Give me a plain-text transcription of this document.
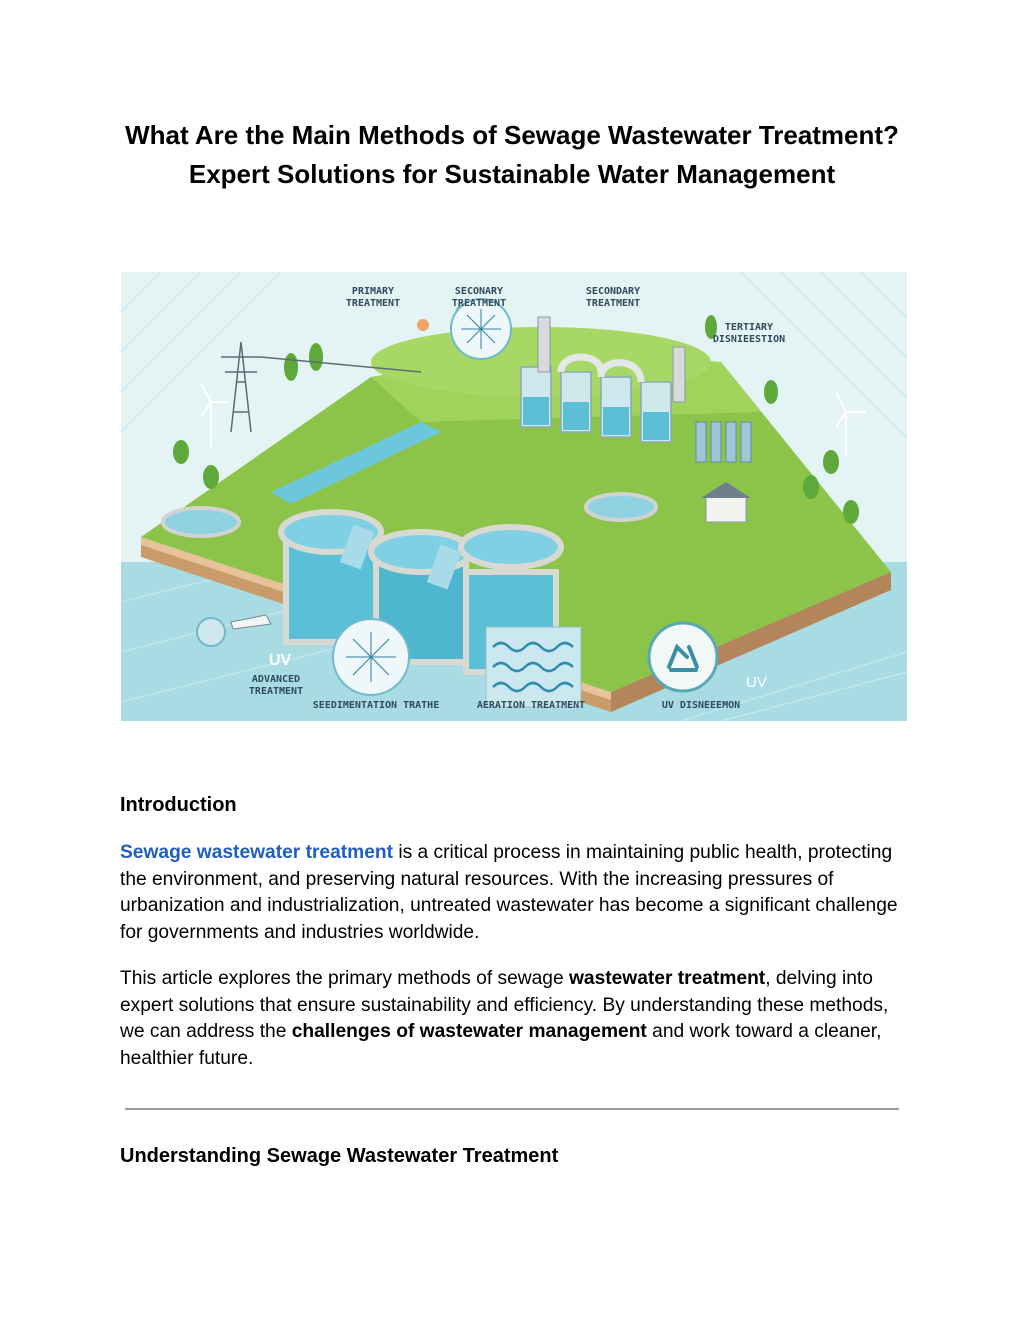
What Are the Main Methods of Sewage Wastewater Treatment? Expert Solutions for Sustainable Water Management
PRIMARY
TREATMENT
SECONARY
TREATMENT
SECONDARY
TREATMENT
TERTIARY
DISNIEESTION
UV
ADVANCED
TREATMENT
SEEDIMENTATION TRATHE	AERATION TREATMENT	UV DISNEEEMON
UV
Introduction

Sewage wastewater treatment is a critical process in maintaining public health, protecting the environment, and preserving natural resources. With the increasing pressures of urbanization and industrialization, untreated wastewater has become a significant challenge for governments and industries worldwide.

This article explores the primary methods of sewage wastewater treatment, delving into expert solutions that ensure sustainability and efficiency. By understanding these methods, we can address the challenges of wastewater management and work toward a cleaner, healthier future.

Understanding Sewage Wastewater Treatment
